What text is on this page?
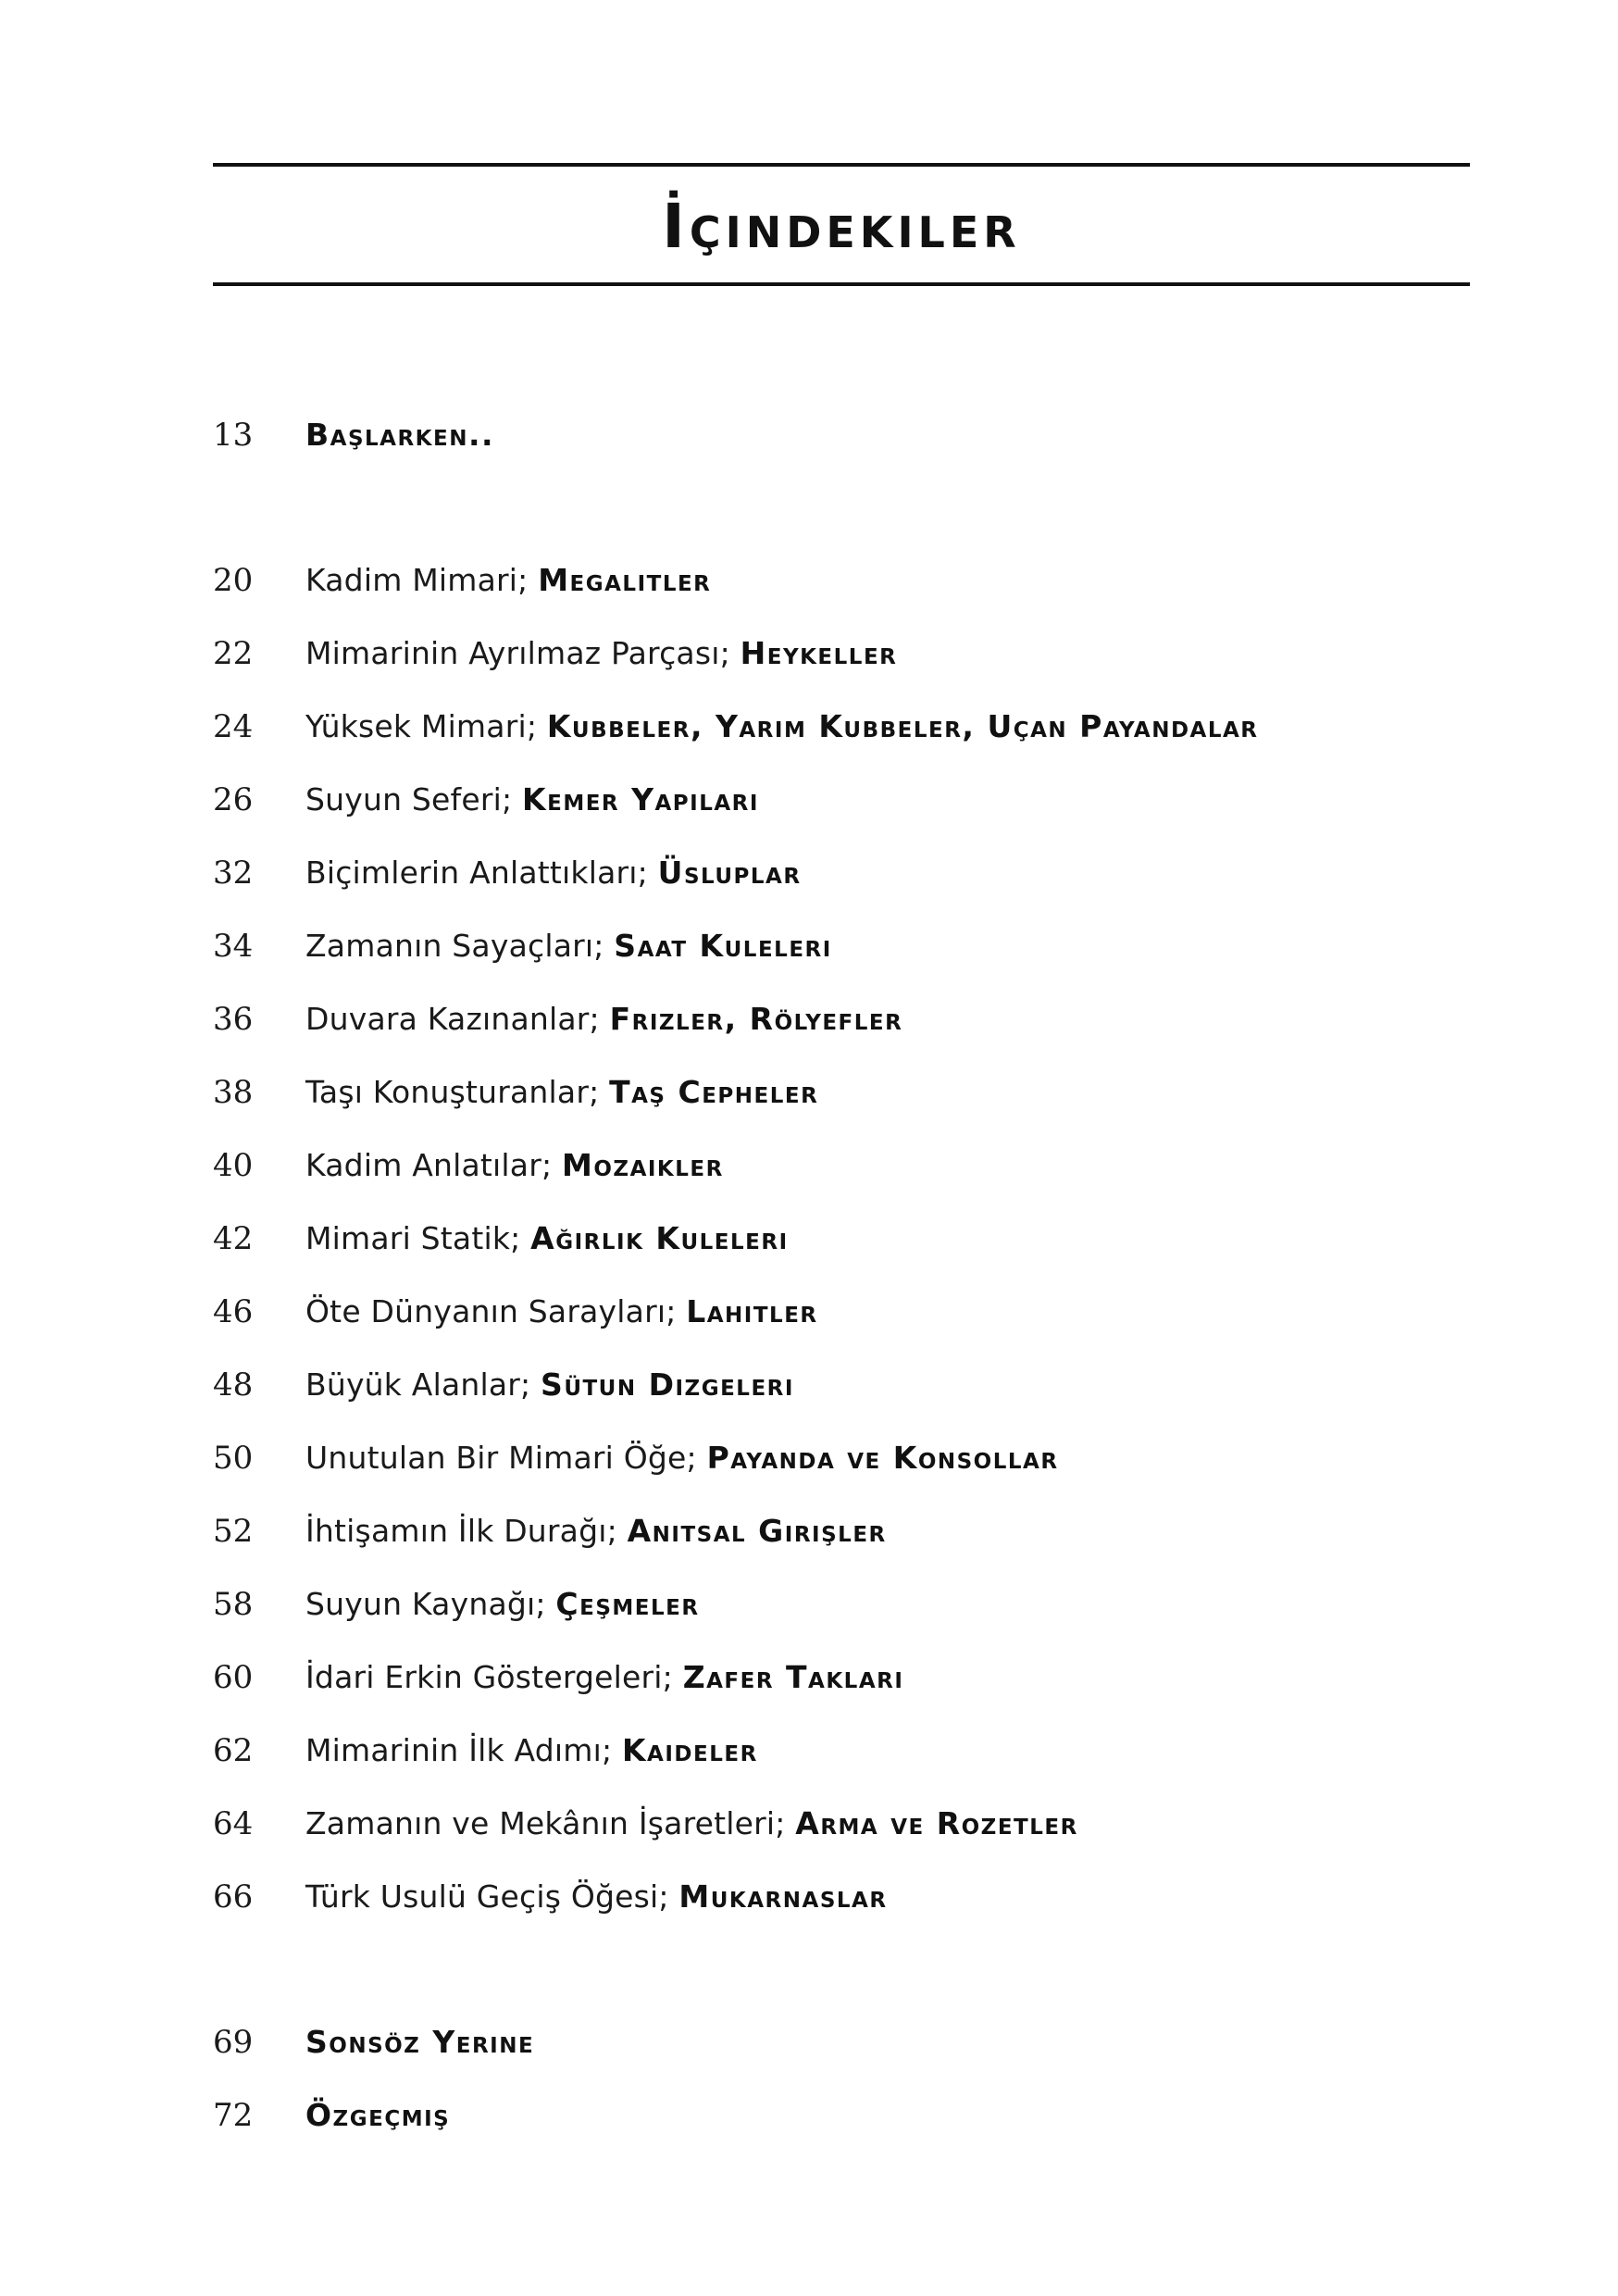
İçindekiler
13 Başlarken..
20 Kadim Mimari; Megalitler
22 Mimarinin Ayrılmaz Parçası; Heykeller
24 Yüksek Mimari; Kubbeler, Yarım Kubbeler, Uçan Payandalar
26 Suyun Seferi; Kemer Yapıları
32 Biçimlerin Anlattıkları; Üsluplar
34 Zamanın Sayaçları; Saat Kuleleri
36 Duvara Kazınanlar; Frizler, Rölyefler
38 Taşı Konuşturanlar; Taş Cepheler
40 Kadim Anlatılar; Mozaikler
42 Mimari Statik; Ağırlık Kuleleri
46 Öte Dünyanın Sarayları; Lahitler
48 Büyük Alanlar; Sütun Dizgeleri
50 Unutulan Bir Mimari Öğe; Payanda ve Konsollar
52 İhtişamın İlk Durağı; Anıtsal Girişler
58 Suyun Kaynağı; Çeşmeler
60 İdari Erkin Göstergeleri; Zafer Takları
62 Mimarinin İlk Adımı; Kaideler
64 Zamanın ve Mekânın İşaretleri; Arma ve Rozetler
66 Türk Usulü Geçiş Öğesi; Mukarnaslar
69 Sonsöz Yerine
72 Özgeçmiş
